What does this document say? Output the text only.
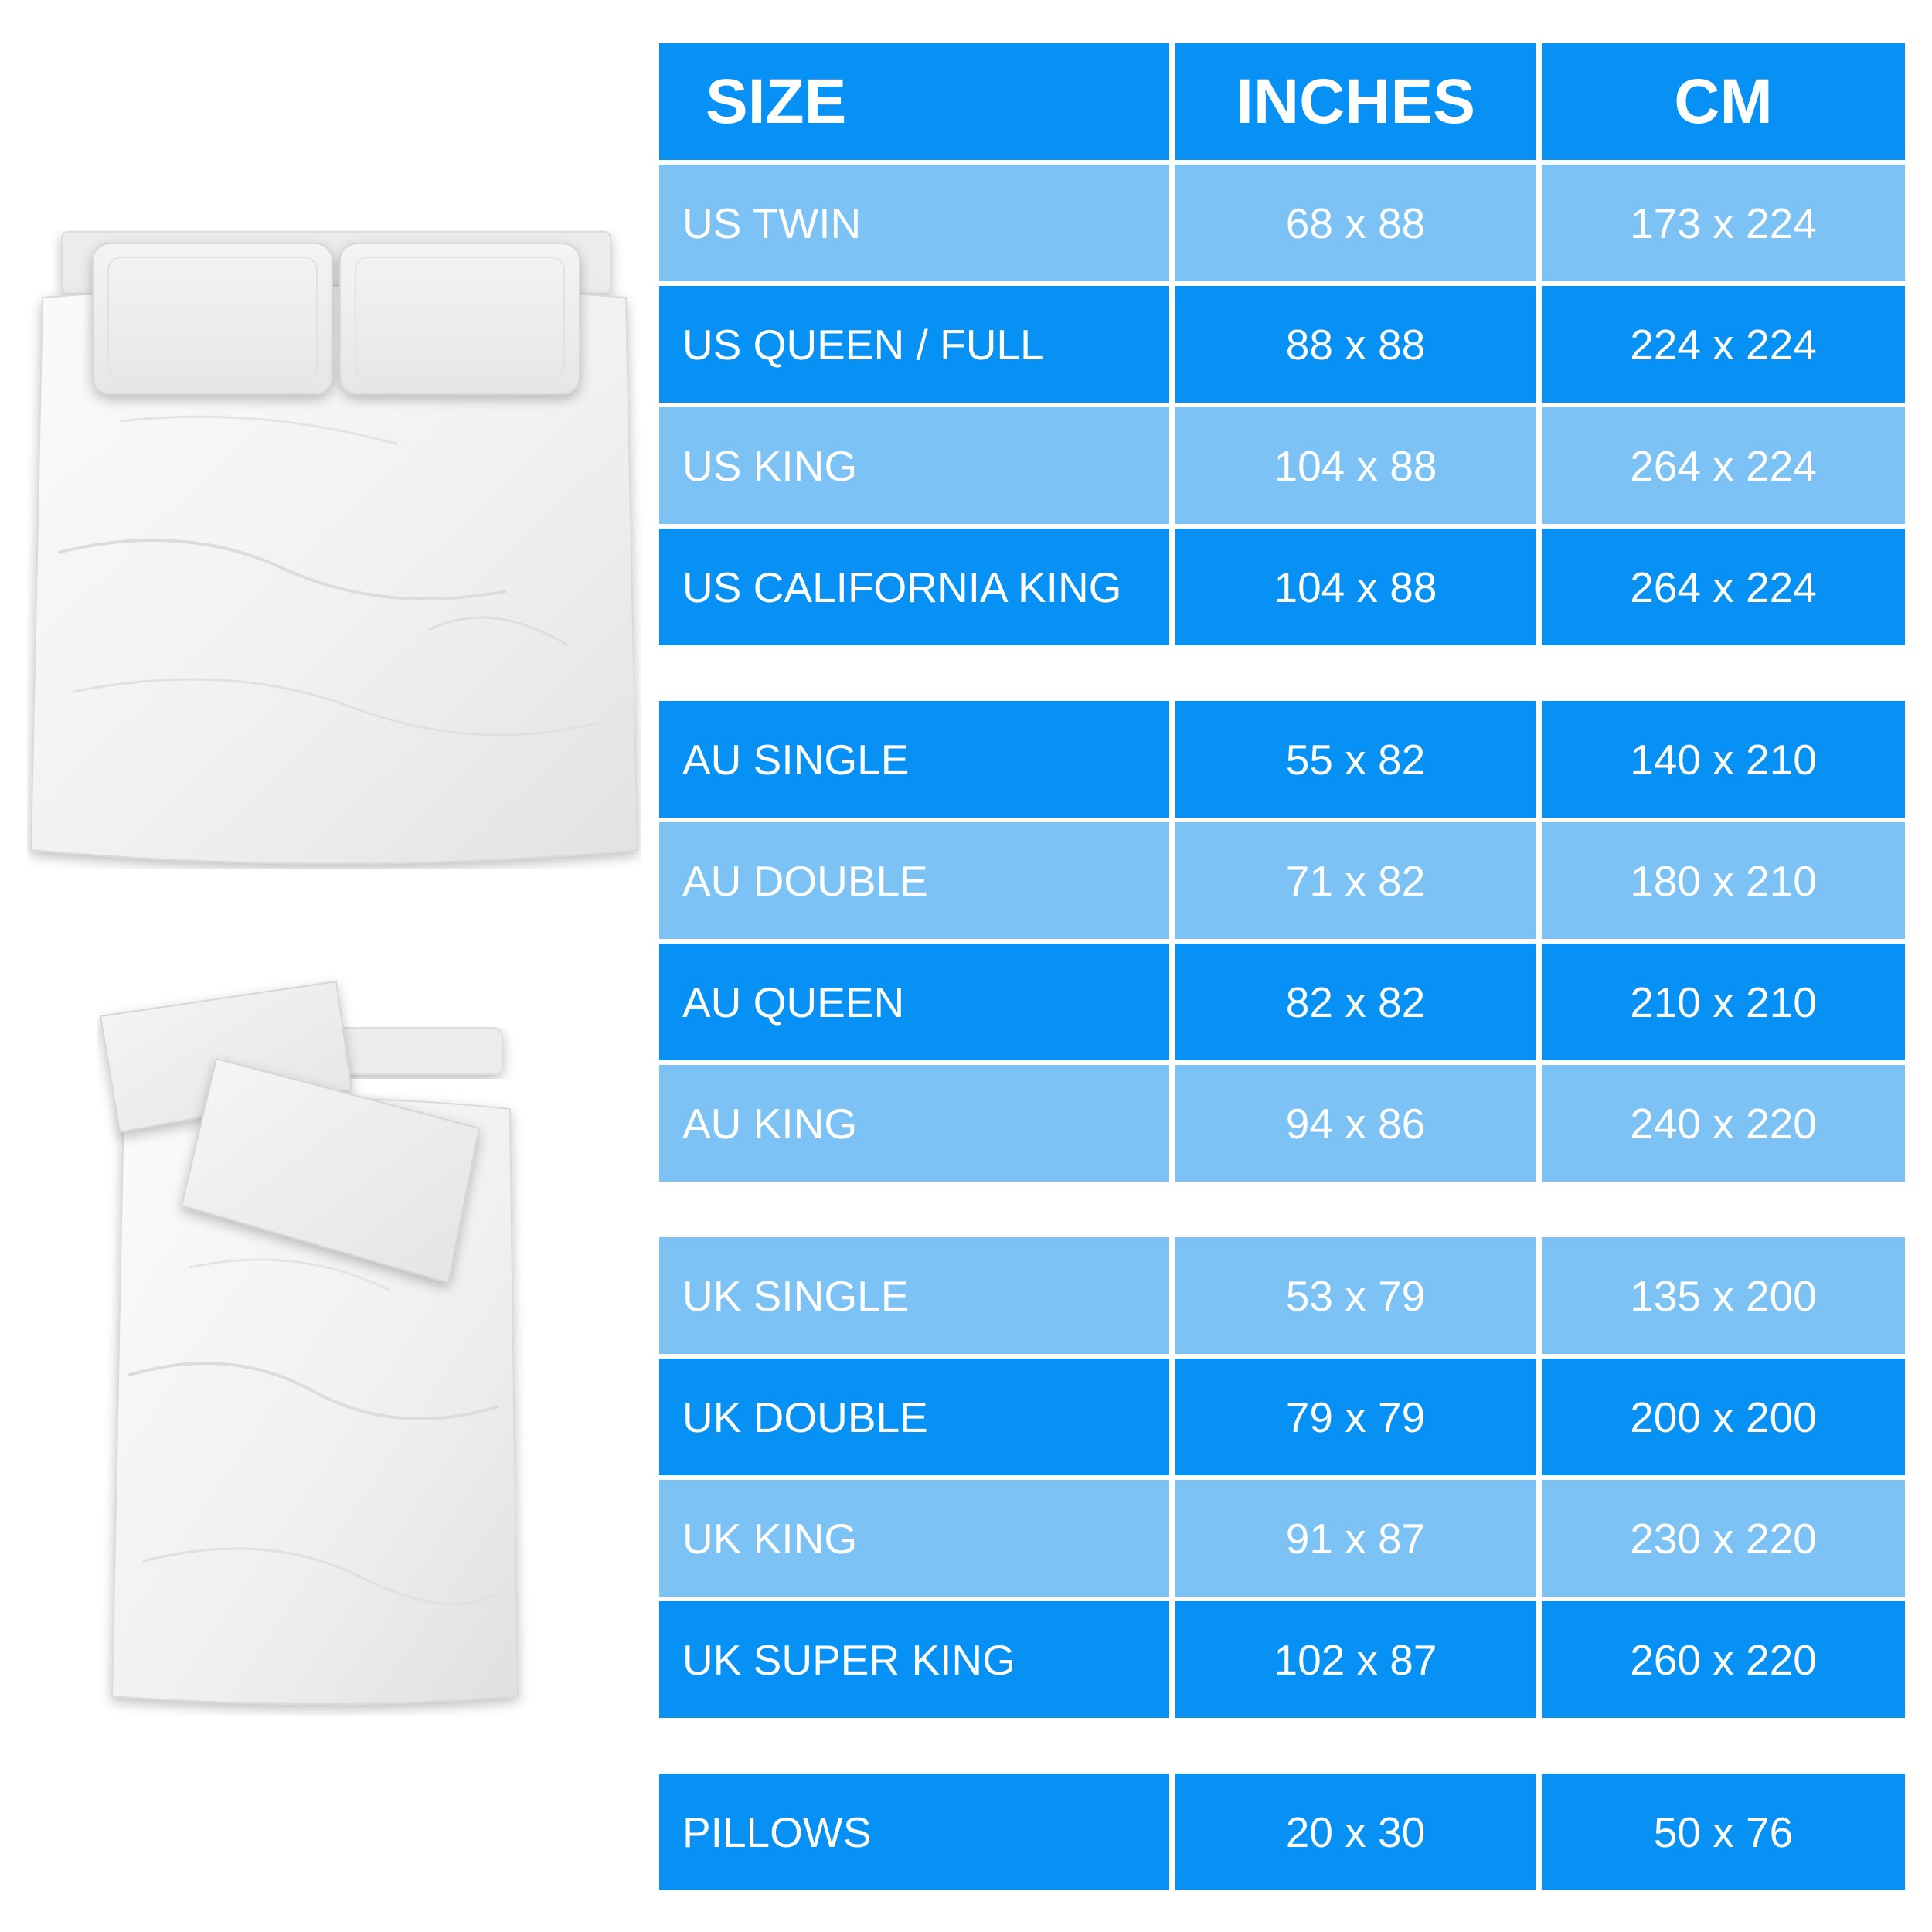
SIZE	INCHES	CM
US TWIN	68 x 88	173 x 224
US QUEEN / FULL	88 x 88	224 x 224
US KING	104 x 88	264 x 224
US CALIFORNIA KING	104 x 88	264 x 224
AU SINGLE	55 x 82	140 x 210
AU DOUBLE	71 x 82	180 x 210
AU QUEEN	82 x 82	210 x 210
AU KING	94 x 86	240 x 220
UK SINGLE	53 x 79	135 x 200
UK DOUBLE	79 x 79	200 x 200
UK KING	91 x 87	230 x 220
UK SUPER KING	102 x 87	260 x 220
PILLOWS	20 x 30	50 x 76
